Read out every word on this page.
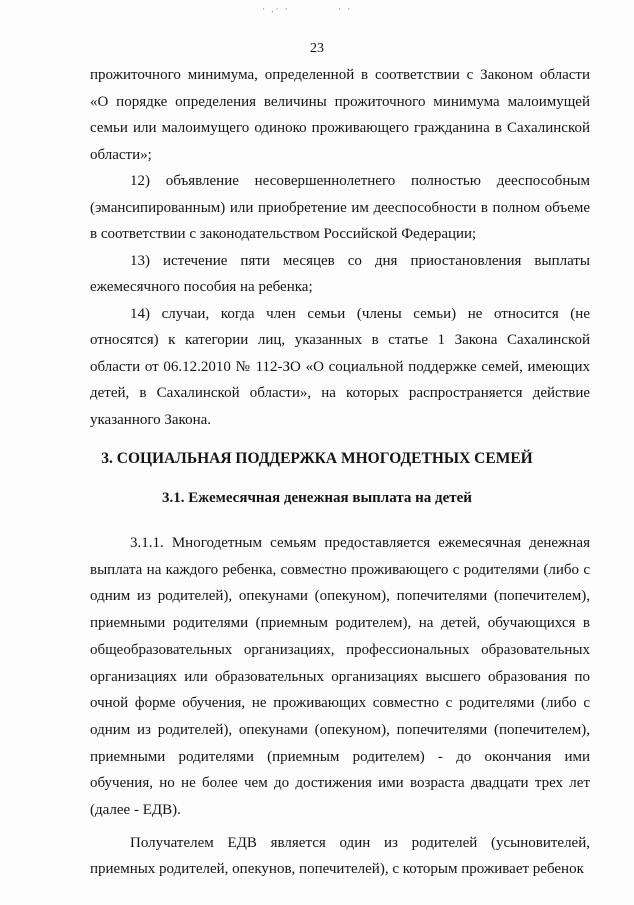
· .· ·	· ·
23

прожиточного минимума, определенной в соответствии с Законом области «О порядке определения величины прожиточного минимума малоимущей семьи или малоимущего одиноко проживающего гражданина в Сахалинской области»;

12) объявление несовершеннолетнего полностью дееспособным (эмансипированным) или приобретение им дееспособности в полном объеме в соответствии с законодательством Российской Федерации;

13) истечение пяти месяцев со дня приостановления выплаты ежемесячного пособия на ребенка;

14) случаи, когда член семьи (члены семьи) не относится (не относятся) к категории лиц, указанных в статье 1 Закона Сахалинской области от 06.12.2010 № 112-ЗО «О социальной поддержке семей, имеющих детей, в Сахалинской области», на которых распространяется действие указанного Закона.

3. СОЦИАЛЬНАЯ ПОДДЕРЖКА МНОГОДЕТНЫХ СЕМЕЙ
3.1. Ежемесячная денежная выплата на детей

3.1.1. Многодетным семьям предоставляется ежемесячная денежная выплата на каждого ребенка, совместно проживающего с родителями (либо с одним из родителей), опекунами (опекуном), попечителями (попечителем), приемными родителями (приемным родителем), на детей, обучающихся в общеобразовательных организациях, профессиональных образовательных организациях или образовательных организациях высшего образования по очной форме обучения, не проживающих совместно с родителями (либо с одним из родителей), опекунами (опекуном), попечителями (попечителем), приемными родителями (приемным родителем) - до окончания ими обучения, но не более чем до достижения ими возраста двадцати трех лет (далее - ЕДВ).

Получателем ЕДВ является один из родителей (усыновителей, приемных родителей, опекунов, попечителей), с которым проживает ребенок
